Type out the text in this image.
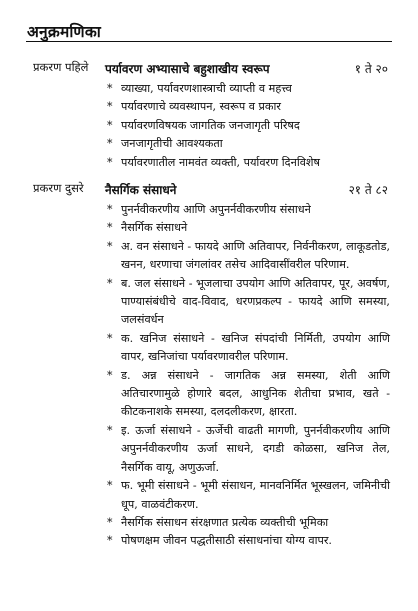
अनुक्रमणिका
प्रकरण पहिले पर्यावरण अभ्यासाचे बहुशाखीय स्वरूप	१ ते २०
* व्याख्या, पर्यावरणशास्त्राची व्याप्ती व महत्त्व
* पर्यावरणाचे व्यवस्थापन, स्वरूप व प्रकार
* पर्यावरणविषयक जागतिक जनजागृती परिषद
* जनजागृतीची आवश्यकता
* पर्यावरणातील नामवंत व्यक्ती, पर्यावरण दिनविशेष
प्रकरण दुसरे नैसर्गिक संसाधने	२१ ते ८२
* पुनर्नवीकरणीय आणि अपुनर्नवीकरणीय संसाधने
* नैसर्गिक संसाधने
* अ. वन संसाधने - फायदे आणि अतिवापर, निर्वनीकरण, लाकूडतोड, खनन, धरणाचा जंगलांवर तसेच आदिवासींवरील परिणाम.
* ब. जल संसाधने - भूजलाचा उपयोग आणि अतिवापर, पूर, अवर्षण, पाण्यासंबंधीचे वाद-विवाद, धरणप्रकल्प - फायदे आणि समस्या, जलसंवर्धन
* क. खनिज संसाधने - खनिज संपदांची निर्मिती, उपयोग आणि वापर, खनिजांचा पर्यावरणावरील परिणाम.
* ड. अन्न संसाधने - जागतिक अन्न समस्या, शेती आणि अतिचारणामुळे होणारे बदल, आधुनिक शेतीचा प्रभाव, खते - कीटकनाशके समस्या, दलदलीकरण, क्षारता.
* इ. ऊर्जा संसाधने - ऊर्जेची वाढती मागणी, पुनर्नवीकरणीय आणि अपुनर्नवीकरणीय ऊर्जा साधने, दगडी कोळसा, खनिज तेल, नैसर्गिक वायू, अणुऊर्जा.
* फ. भूमी संसाधने - भूमी संसाधन, मानवनिर्मित भूस्खलन, जमिनीची धूप, वाळवंटीकरण.
* नैसर्गिक संसाधन संरक्षणात प्रत्येक व्यक्तीची भूमिका
* पोषणक्षम जीवन पद्धतीसाठी संसाधनांचा योग्य वापर.
